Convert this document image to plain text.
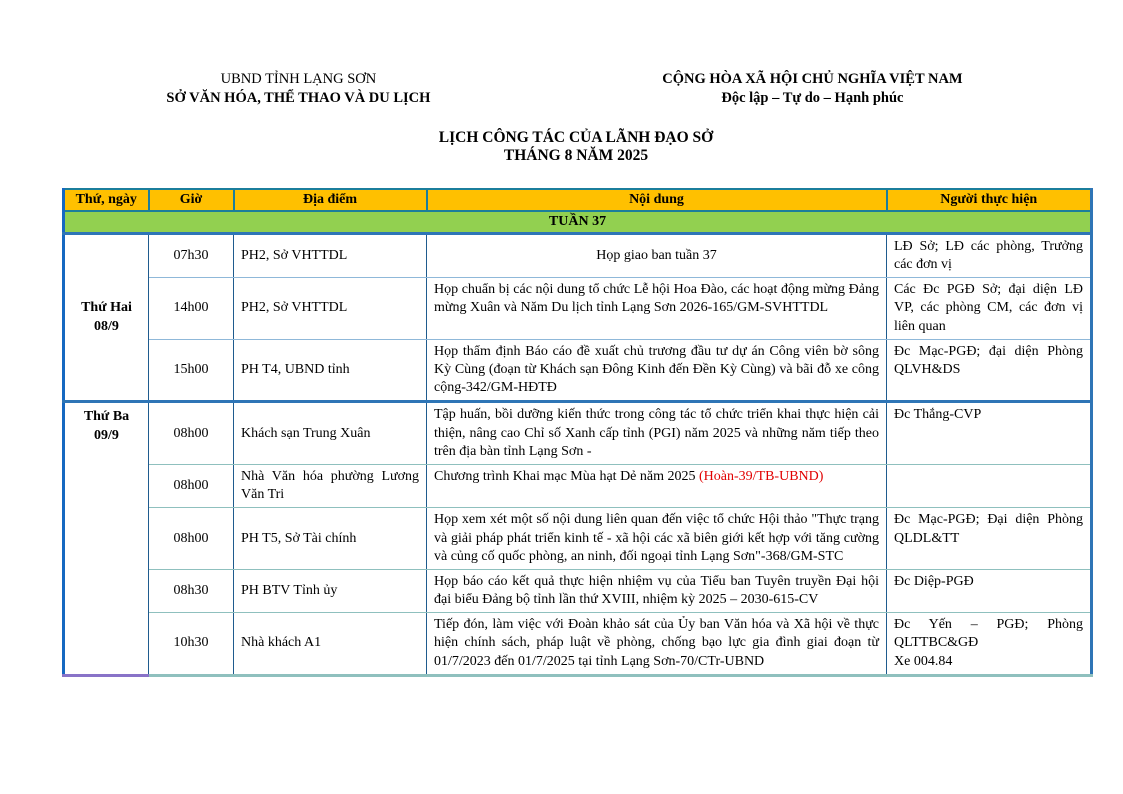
UBND TỈNH LẠNG SƠN
SỞ VĂN HÓA, THỂ THAO VÀ DU LỊCH
CỘNG HÒA XÃ HỘI CHỦ NGHĨA VIỆT NAM
Độc lập – Tự do – Hạnh phúc
LỊCH CÔNG TÁC CỦA LÃNH ĐẠO SỞ
THÁNG 8 NĂM 2025
Thứ, ngày	Giờ	Địa điểm	Nội dung	Người thực hiện
TUẦN 37				

Thứ Hai
08/9	07h30	PH2, Sở VHTTDL	Họp giao ban tuần 37	LĐ Sở; LĐ các phòng, Trưởng các đơn vị

	14h00	PH2, Sở VHTTDL	Họp chuẩn bị các nội dung tổ chức Lễ hội Hoa Đào, các hoạt động mừng Đảng mừng Xuân và Năm Du lịch tỉnh Lạng Sơn 2026-165/GM-SVHTTDL	Các Đc PGĐ Sở; đại diện LĐ VP, các phòng CM, các đơn vị liên quan

	15h00	PH T4, UBND tỉnh	Họp thẩm định Báo cáo đề xuất chủ trương đầu tư dự án Công viên bờ sông Kỳ Cùng (đoạn từ Khách sạn Đông Kinh đến Đền Kỳ Cùng) và bãi đỗ xe công cộng-342/GM-HĐTĐ	Đc Mạc-PGĐ; đại diện Phòng QLVH&DS

Thứ Ba
09/9	08h00	Khách sạn Trung Xuân	Tập huấn, bồi dưỡng kiến thức trong công tác tổ chức triển khai thực hiện cải thiện, nâng cao Chỉ số Xanh cấp tỉnh (PGI) năm 2025 và những năm tiếp theo trên địa bàn tỉnh Lạng Sơn -	Đc Thắng-CVP

	08h00	Nhà Văn hóa phường Lương Văn Tri	Chương trình Khai mạc Mùa hạt Dẻ năm 2025 (Hoàn-39/TB-UBND)	
	08h00	PH T5, Sở Tài chính	Họp xem xét một số nội dung liên quan đến việc tổ chức Hội thảo "Thực trạng và giải pháp phát triển kinh tế - xã hội các xã biên giới kết hợp với tăng cường và củng cố quốc phòng, an ninh, đối ngoại tỉnh Lạng Sơn"-368/GM-STC	Đc Mạc-PGĐ; Đại diện Phòng QLDL&TT

	08h30	PH BTV Tỉnh ủy	Họp báo cáo kết quả thực hiện nhiệm vụ của Tiểu ban Tuyên truyền Đại hội đại biểu Đảng bộ tỉnh lần thứ XVIII, nhiệm kỳ 2025 – 2030-615-CV	Đc Diệp-PGĐ

	10h30	Nhà khách A1	Tiếp đón, làm việc với Đoàn khảo sát của Ủy ban Văn hóa và Xã hội về thực hiện chính sách, pháp luật về phòng, chống bạo lực gia đình giai đoạn từ 01/7/2023 đến 01/7/2025 tại tỉnh Lạng Sơn-70/CTr-UBND	Đc Yến – PGĐ; Phòng QLTTBC&GĐ
Xe 004.84
